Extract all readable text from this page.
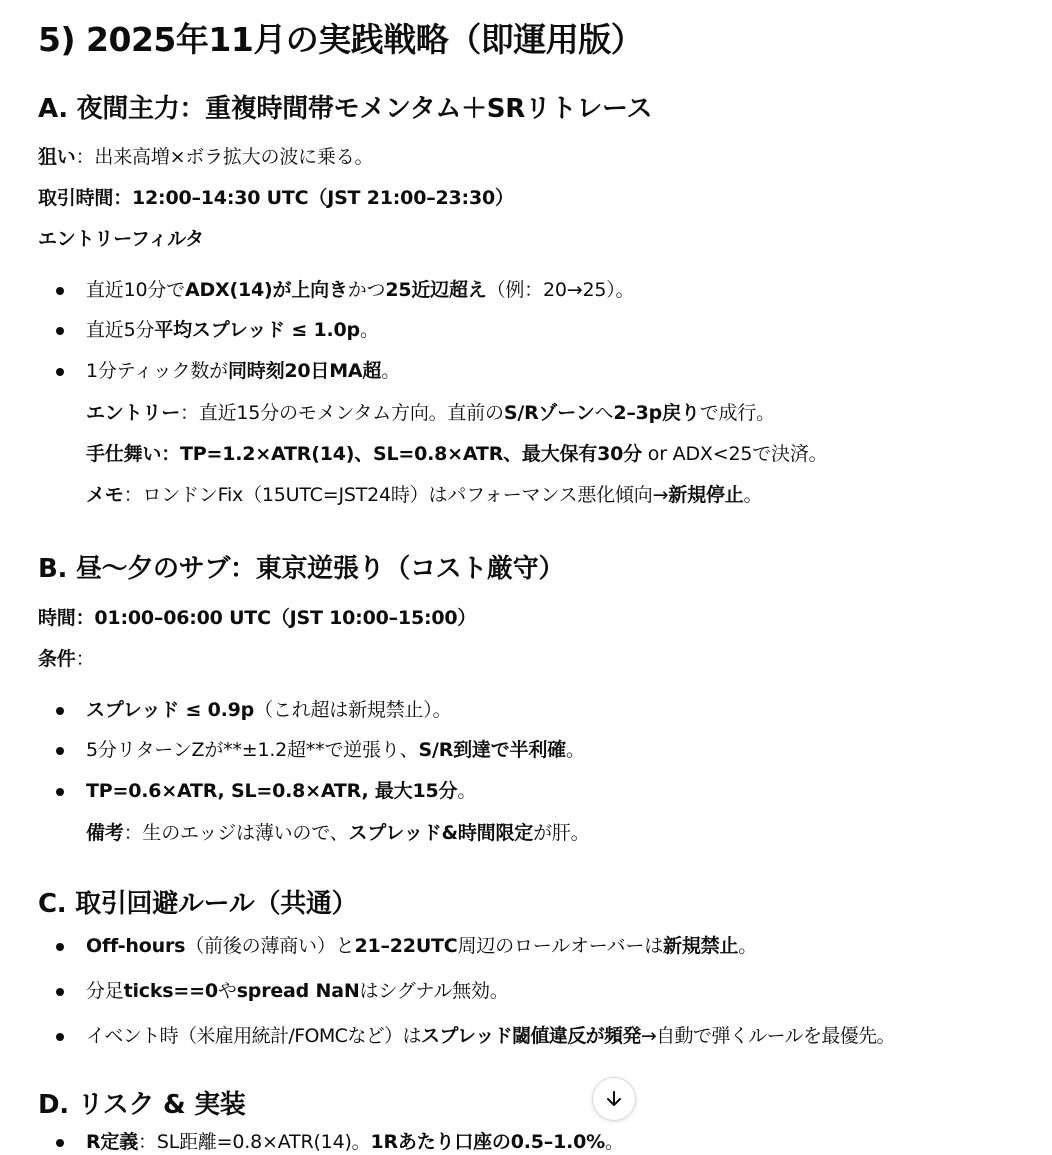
5) 2025年11月の実践戦略（即運用版）
A. 夜間主力：重複時間帯モメンタム＋SRリトレース
狙い：出来高増×ボラ拡大の波に乗る。
取引時間：12:00–14:30 UTC（JST 21:00–23:30）
エントリーフィルタ
直近10分でADX(14)が上向きかつ25近辺超え（例：20→25）。
直近5分平均スプレッド ≤ 1.0p。
1分ティック数が同時刻20日MA超。
エントリー：直近15分のモメンタム方向。直前のS/Rゾーンへ2–3p戻りで成行。
手仕舞い：TP=1.2×ATR(14)、SL=0.8×ATR、最大保有30分 or ADX<25で決済。
メモ：ロンドンFix（15UTC=JST24時）はパフォーマンス悪化傾向→新規停止。
B. 昼〜夕のサブ：東京逆張り（コスト厳守）
時間：01:00–06:00 UTC（JST 10:00–15:00）
条件：
スプレッド ≤ 0.9p（これ超は新規禁止）。
5分リターンZが**±1.2超**で逆張り、S/R到達で半利確。
TP=0.6×ATR, SL=0.8×ATR, 最大15分。
備考：生のエッジは薄いので、スプレッド&時間限定が肝。
C. 取引回避ルール（共通）
Off-hours（前後の薄商い）と21–22UTC周辺のロールオーバーは新規禁止。
分足ticks==0やspread NaNはシグナル無効。
イベント時（米雇用統計/FOMCなど）はスプレッド閾値違反が頻発→自動で弾くルールを最優先。
D. リスク & 実装
R定義：SL距離=0.8×ATR(14)。1Rあたり口座の0.5–1.0%。
